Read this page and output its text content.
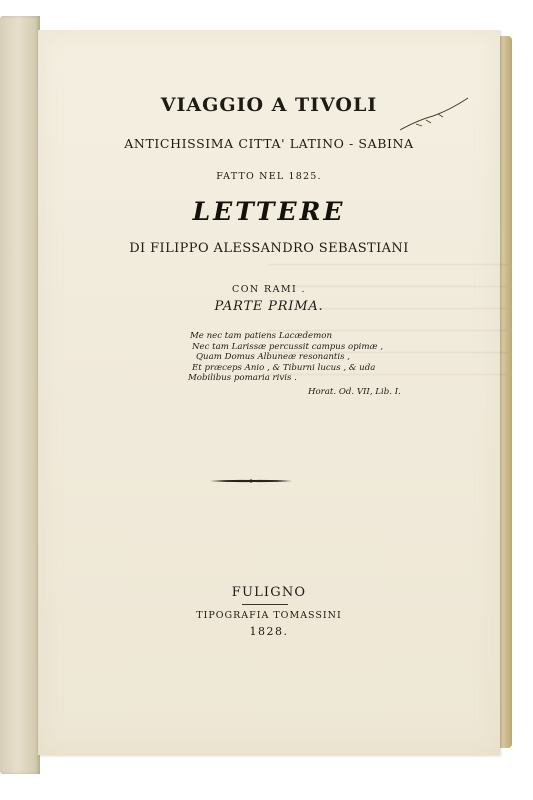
VIAGGIO A TIVOLI
ANTICHISSIMA CITTA' LATINO - SABINA
FATTO NEL 1825.
LETTERE
DI FILIPPO ALESSANDRO SEBASTIANI
CON RAMI .
PARTE PRIMA.
Me nec tam patiens Lacædemon
Nec tam Larissæ percussit campus opimæ ,
Quam Domus Albuneæ resonantis ,
Et præceps Anio , & Tiburni lucus , & uda
Mobilibus pomaria rivis .
Horat. Od. VII, Lib. I.
FULIGNO
TIPOGRAFIA TOMASSINI
1828.
